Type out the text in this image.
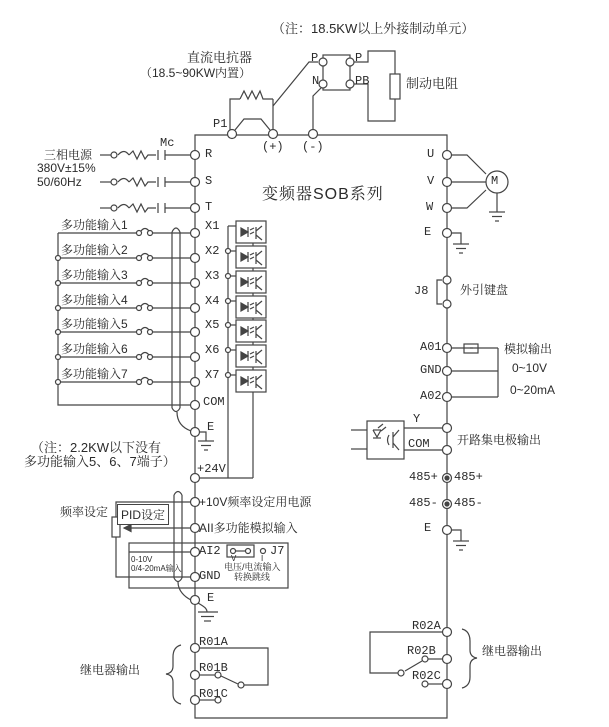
（注：18.5KW以上外接制动单元）
直流电抗器
（18.5~90KW内置）
P1
(+) (-)
P
N
P
PB	制动电阻
三相电源
380V±15%
50/60Hz
Mc
R
S
T
变频器SOB系列
多功能输入1
多功能输入2
多功能输入3
多功能输入4
多功能输入5
多功能输入6
多功能输入7
X1
X2
X3
X4
X5
X6
X7
COM
E
+24V
（注：2.2KW以下没有
多功能输入5、6、7端子）
+10V频率设定用电源
AII多功能模拟输入
频率设定	PID设定
AI2
GND
0-10V
0/4-20mA输入
J7
V	I
电压/电流输入
转换跳线
E
R01A
R01B
R01C
继电器输出
U
V
W
E
M
J8	外引键盘
A01
GND
A02
模拟输出
0~10V
0~20mA
Y
COM 开路集电极输出
485+ 485+
485- 485-
E
R02A
R02B
R02C
继电器输出
